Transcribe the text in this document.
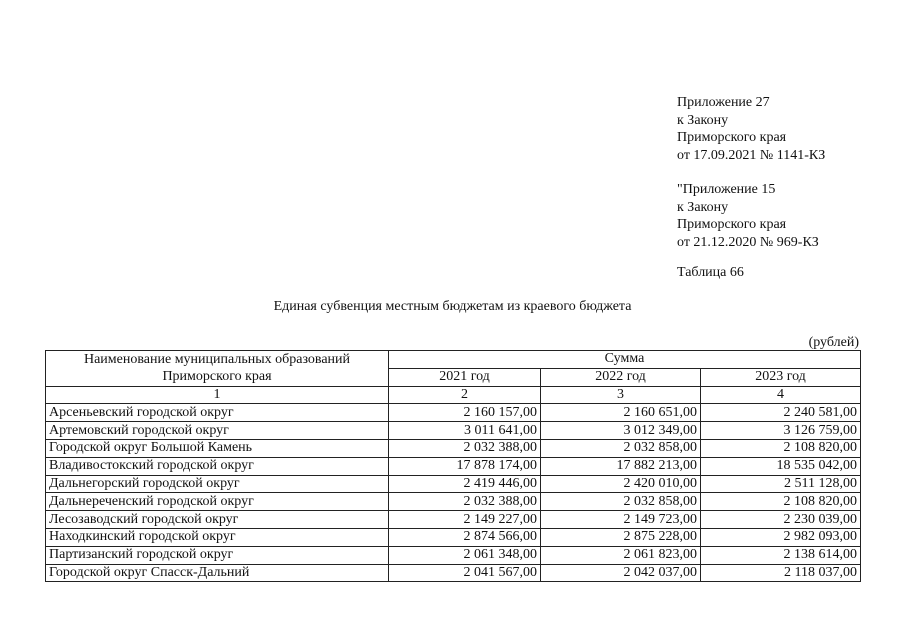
Приложение 27
к Закону
Приморского края
от 17.09.2021 № 1141-КЗ
"Приложение 15
к Закону
Приморского края
от 21.12.2020 № 969-КЗ
Таблица 66
Единая субвенция местным бюджетам из краевого бюджета
(рублей)
Наименование муниципальных образований
Приморского края	Сумма		
	2021 год	2022 год	2023 год
1	2	3	4
Арсеньевский городской округ	2 160 157,00	2 160 651,00	2 240 581,00
Артемовский городской округ	3 011 641,00	3 012 349,00	3 126 759,00
Городской округ Большой Камень	2 032 388,00	2 032 858,00	2 108 820,00
Владивостокский городской округ	17 878 174,00	17 882 213,00	18 535 042,00
Дальнегорский городской округ	2 419 446,00	2 420 010,00	2 511 128,00
Дальнереченский городской округ	2 032 388,00	2 032 858,00	2 108 820,00
Лесозаводский городской округ	2 149 227,00	2 149 723,00	2 230 039,00
Находкинский городской округ	2 874 566,00	2 875 228,00	2 982 093,00
Партизанский городской округ	2 061 348,00	2 061 823,00	2 138 614,00
Городской округ Спасск-Дальний	2 041 567,00	2 042 037,00	2 118 037,00
